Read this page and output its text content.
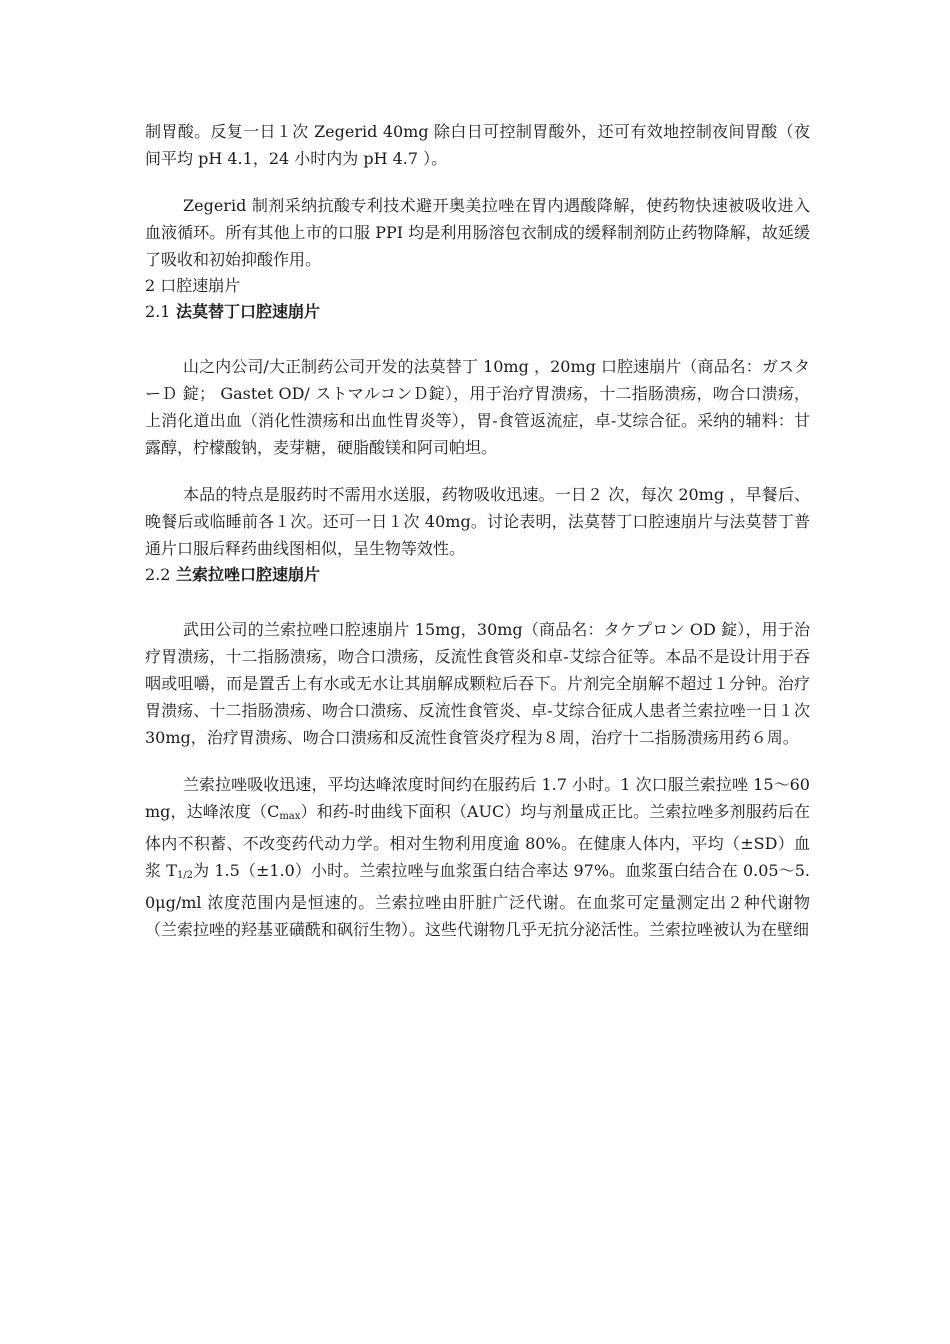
制胃酸。反复一日１次 Zegerid 40mg 除白日可控制胃酸外，还可有效地控制夜间胃酸（夜间平均 pH 4.1，24 小时内为 pH 4.7 ）。

Zegerid 制剂采纳抗酸专利技术避开奥美拉唑在胃内遇酸降解，使药物快速被吸收进入血液循环。所有其他上市的口服 PPI 均是利用肠溶包衣制成的缓释制剂防止药物降解，故延缓了吸收和初始抑酸作用。

2 口腔速崩片

2.1 法莫替丁口腔速崩片

山之内公司/大正制药公司开发的法莫替丁 10mg ，20mg 口腔速崩片（商品名：ガスターＤ 錠； Gastet OD/ ストマルコンＤ錠），用于治疗胃溃疡，十二指肠溃疡，吻合口溃疡，上消化道出血（消化性溃疡和出血性胃炎等），胃-食管返流症，卓-艾综合征。采纳的辅料：甘露醇，柠檬酸钠，麦芽糖，硬脂酸镁和阿司帕坦。

本品的特点是服药时不需用水送服，药物吸收迅速。一日２ 次，每次 20mg ，早餐后、晚餐后或临睡前各１次。还可一日１次 40mg。讨论表明，法莫替丁口腔速崩片与法莫替丁普通片口服后释药曲线图相似，呈生物等效性。

2.2 兰索拉唑口腔速崩片

武田公司的兰索拉唑口腔速崩片 15mg，30mg（商品名：タケプロン OD 錠），用于治疗胃溃疡，十二指肠溃疡，吻合口溃疡，反流性食管炎和卓-艾综合征等。本品不是设计用于吞咽或咀嚼，而是置舌上有水或无水让其崩解成颗粒后吞下。片剂完全崩解不超过１分钟。治疗胃溃疡、十二指肠溃疡、吻合口溃疡、反流性食管炎、卓-艾综合征成人患者兰索拉唑一日１次 30mg，治疗胃溃疡、吻合口溃疡和反流性食管炎疗程为８周，治疗十二指肠溃疡用药６周。

兰索拉唑吸收迅速，平均达峰浓度时间约在服药后 1.7 小时。1 次口服兰索拉唑 15～60mg，达峰浓度$(C_{max})$和药-时曲线下面积（AUC）均与剂量成正比。兰索拉唑多剂服药后在体内不积蓄、不改变药代动力学。相对生物利用度逾 80%。在健康人体内，平均（±SD）血浆 $T_{1/2}$为 1.5（±1.0）小时。兰索拉唑与血浆蛋白结合率达 97%。血浆蛋白结合在 0.05～5.0μg/ml 浓度范围内是恒速的。兰索拉唑由肝脏广泛代谢。在血浆可定量测定出２种代谢物（兰索拉唑的羟基亚磺酰和砜衍生物）。这些代谢物几乎无抗分泌活性。兰索拉唑被认为在壁细
